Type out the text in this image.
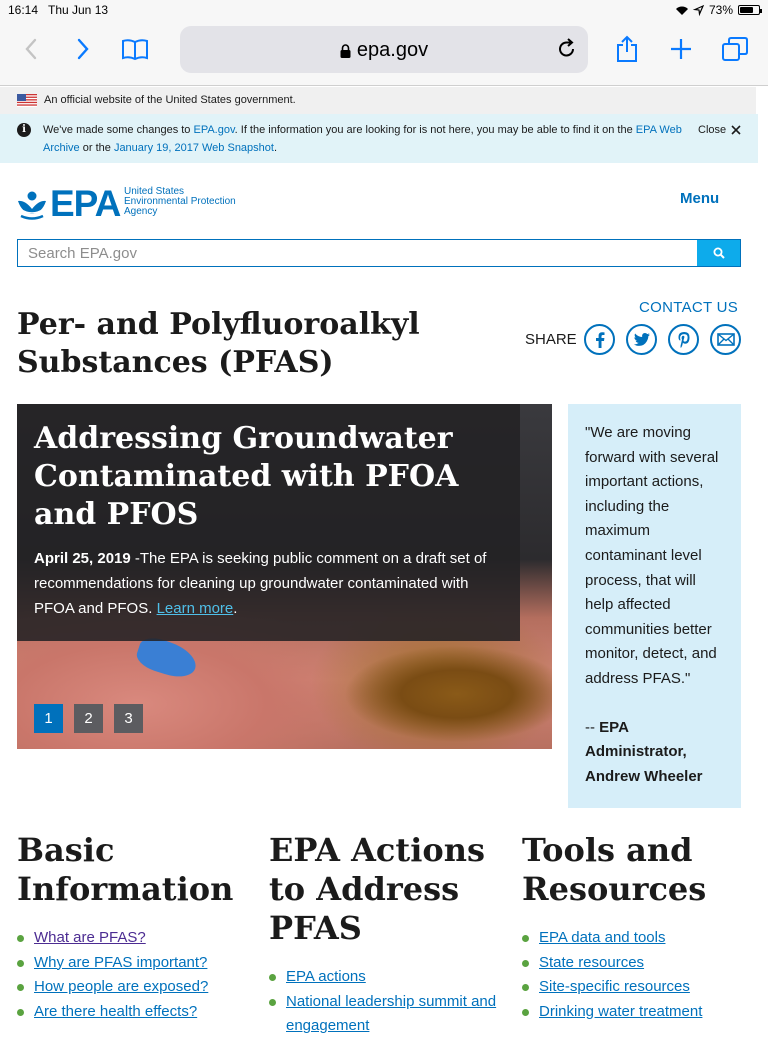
16:14 Thu Jun 13	73%
epa.gov
An official website of the United States government.
i	We've made some changes to EPA.gov. If the information you are looking for is not here, you may be able to find it on the EPA Web Archive or the January 19, 2017 Web Snapshot.
Close
EPA United States
Environmental Protection
Agency
Menu
Search EPA.gov
CONTACT US
Per- and Polyfluoroalkyl Substances (PFAS)
SHARE
Addressing Groundwater Contaminated with PFOA and PFOS

April 25, 2019 -The EPA is seeking public comment on a draft set of recommendations for cleaning up groundwater contaminated with PFOA and PFOS. Learn more.

1	2	3
"We are moving forward with several important actions, including the maximum contaminant level process, that will help affected communities better monitor, detect, and address PFAS."
-- EPA Administrator, Andrew Wheeler
Basic Information
What are PFAS?
Why are PFAS important?
How people are exposed?
Are there health effects?
EPA Actions to Address PFAS
EPA actions
National leadership summit and engagement
Tools and Resources
EPA data and tools
State resources
Site-specific resources
Drinking water treatment
